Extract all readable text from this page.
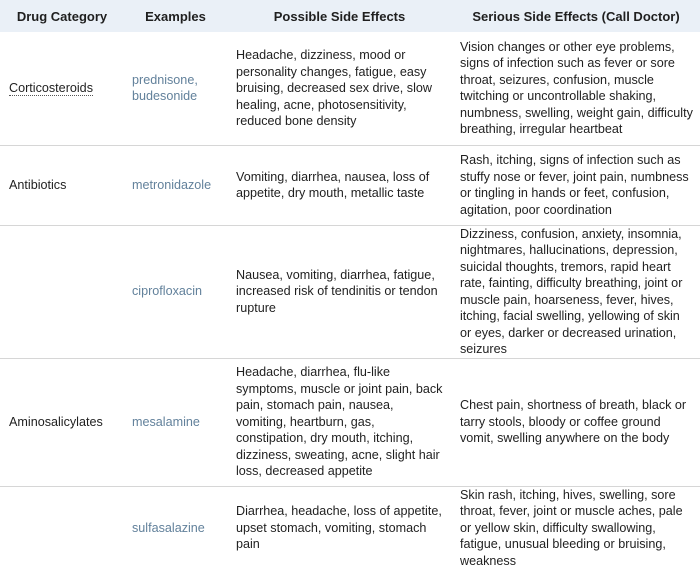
Drug Category	Examples	Possible Side Effects	Serious Side Effects (Call Doctor)
Corticosteroids	prednisone, budesonide	Headache, dizziness, mood or personality changes, fatigue, easy bruising, decreased sex drive, slow healing, acne, photosensitivity, reduced bone density	Vision changes or other eye problems, signs of infection such as fever or sore throat, seizures, confusion, muscle twitching or uncontrollable shaking, numbness, swelling, weight gain, difficulty breathing, irregular heartbeat
Antibiotics	metronidazole	Vomiting, diarrhea, nausea, loss of appetite, dry mouth, metallic taste	Rash, itching, signs of infection such as stuffy nose or fever, joint pain, numbness or tingling in hands or feet, confusion, agitation, poor coordination
	ciprofloxacin	Nausea, vomiting, diarrhea, fatigue, increased risk of tendinitis or tendon rupture	Dizziness, confusion, anxiety, insomnia, nightmares, hallucinations, depression, suicidal thoughts, tremors, rapid heart rate, fainting, difficulty breathing, joint or muscle pain, hoarseness, fever, hives, itching, facial swelling, yellowing of skin or eyes, darker or decreased urination, seizures
Aminosalicylates	mesalamine	Headache, diarrhea, flu-like symptoms, muscle or joint pain, back pain, stomach pain, nausea, vomiting, heartburn, gas, constipation, dry mouth, itching, dizziness, sweating, acne, slight hair loss, decreased appetite	Chest pain, shortness of breath, black or tarry stools, bloody or coffee ground vomit, swelling anywhere on the body
	sulfasalazine	Diarrhea, headache, loss of appetite, upset stomach, vomiting, stomach pain	Skin rash, itching, hives, swelling, sore throat, fever, joint or muscle aches, pale or yellow skin, difficulty swallowing, fatigue, unusual bleeding or bruising, weakness
